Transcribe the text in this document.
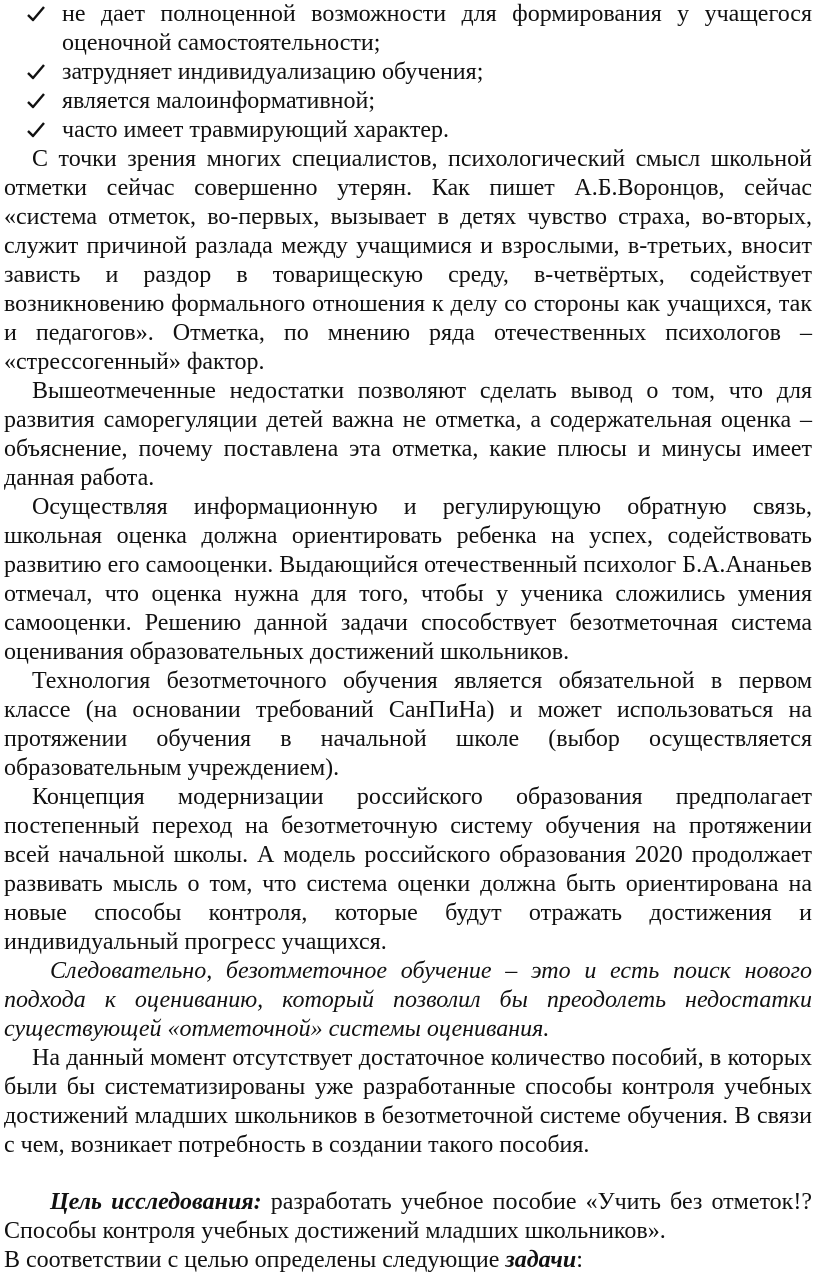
не дает полноценной возможности для формирования у учащегося оценочной самостоятельности;
затрудняет индивидуализацию обучения;
является малоинформативной;
часто имеет травмирующий характер.

С точки зрения многих специалистов, психологический смысл школьной отметки сейчас совершенно утерян. Как пишет А.Б.Воронцов, сейчас «система отметок, во-первых, вызывает в детях чувство страха, во-вторых, служит причиной разлада между учащимися и взрослыми, в-третьих, вносит зависть и раздор в товарищескую среду, в-четвёртых, содействует возникновению формального отношения к делу со стороны как учащихся, так и педагогов». Отметка, по мнению ряда отечественных психологов – «стрессогенный» фактор.

Вышеотмеченные недостатки позволяют сделать вывод о том, что для развития саморегуляции детей важна не отметка, а содержательная оценка – объяснение, почему поставлена эта отметка, какие плюсы и минусы имеет данная работа.

Осуществляя информационную и регулирующую обратную связь, школьная оценка должна ориентировать ребенка на успех, содействовать развитию его самооценки. Выдающийся отечественный психолог Б.А.Ананьев отмечал, что оценка нужна для того, чтобы у ученика сложились умения самооценки. Решению данной задачи способствует безотметочная система оценивания образовательных достижений школьников.

Технология безотметочного обучения является обязательной в первом классе (на основании требований СанПиНа) и может использоваться на протяжении обучения в начальной школе (выбор осуществляется образовательным учреждением).

Концепция модернизации российского образования предполагает постепенный переход на безотметочную систему обучения на протяжении всей начальной школы. А модель российского образования 2020 продолжает развивать мысль о том, что система оценки должна быть ориентирована на новые способы контроля, которые будут отражать достижения и индивидуальный прогресс учащихся.

Следовательно, безотметочное обучение – это и есть поиск нового подхода к оцениванию, который позволил бы преодолеть недостатки существующей «отметочной» системы оценивания.

На данный момент отсутствует достаточное количество пособий, в которых были бы систематизированы уже разработанные способы контроля учебных достижений младших школьников в безотметочной системе обучения. В связи с чем, возникает потребность в создании такого пособия.

Цель исследования: разработать учебное пособие «Учить без отметок!? Способы контроля учебных достижений младших школьников».

В соответствии с целью определены следующие задачи:
